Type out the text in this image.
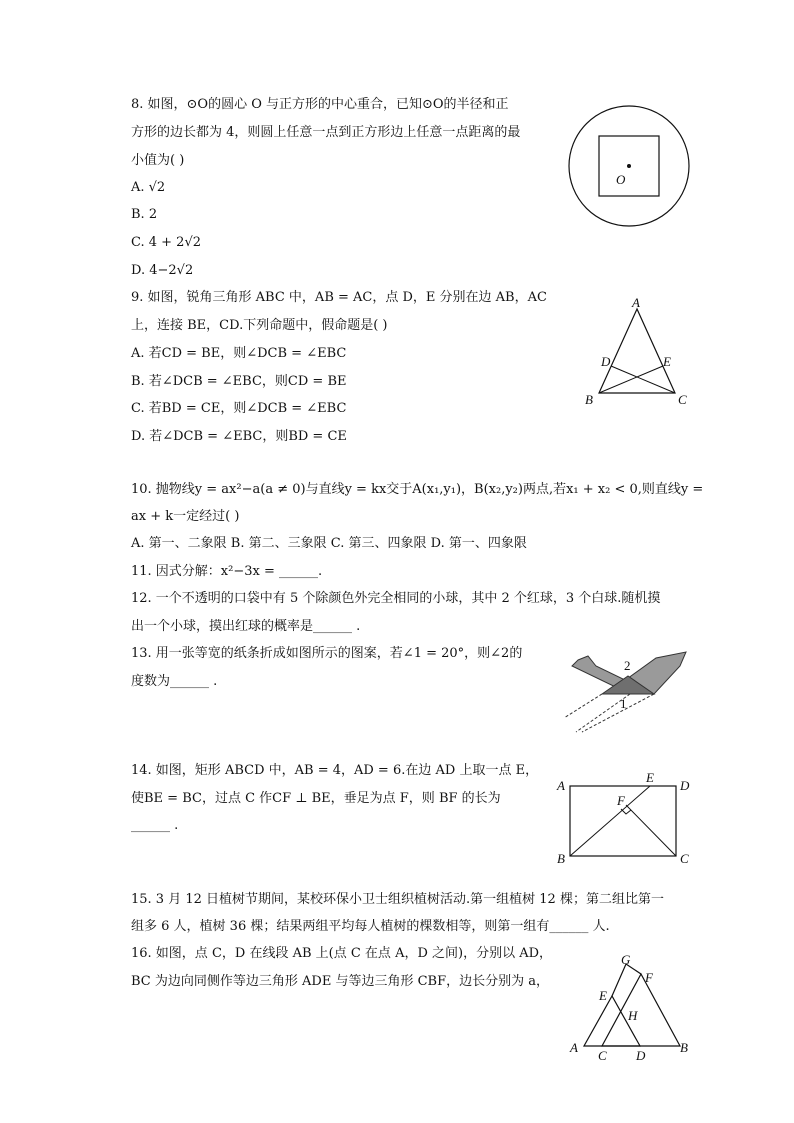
8. 如图，⊙O的圆心 O 与正方形的中心重合，已知⊙O的半径和正
方形的边长都为 4，则圆上任意一点到正方形边上任意一点距离的最
小值为( )
A. √2
B. 2
C. 4 + 2√2
D. 4−2√2
O
9. 如图，锐角三角形 ABC 中，AB = AC，点 D，E 分别在边 AB，AC
上，连接 BE，CD.下列命题中，假命题是( )
A. 若CD = BE，则∠DCB = ∠EBC
B. 若∠DCB = ∠EBC，则CD = BE
C. 若BD = CE，则∠DCB = ∠EBC
D. 若∠DCB = ∠EBC，则BD = CE
A
D	E
B	C
10. 抛物线y = ax²−a(a ≠ 0)与直线y = kx交于A(x₁,y₁)，B(x₂,y₂)两点,若x₁ + x₂ < 0,则直线y =
ax + k一定经过( )
A. 第一、二象限 B. 第二、三象限 C. 第三、四象限 D. 第一、四象限
11. 因式分解：x²−3x = ______.
12. 一个不透明的口袋中有 5 个除颜色外完全相同的小球，其中 2 个红球，3 个白球.随机摸
出一个小球，摸出红球的概率是______ .
13. 用一张等宽的纸条折成如图所示的图案，若∠1 = 20°，则∠2的
度数为______ .
2
1
14. 如图，矩形 ABCD 中，AB = 4，AD = 6.在边 AD 上取一点 E，
使BE = BC，过点 C 作CF ⊥ BE，垂足为点 F，则 BF 的长为
______ .
A
E
D
F
B	C
15. 3 月 12 日植树节期间，某校环保小卫士组织植树活动.第一组植树 12 棵；第二组比第一
组多 6 人，植树 36 棵；结果两组平均每人植树的棵数相等，则第一组有______ 人.
16. 如图，点 C，D 在线段 AB 上(点 C 在点 A，D 之间)，分别以 AD，
BC 为边向同侧作等边三角形 ADE 与等边三角形 CBF，边长分别为 a，
G
F
E
H
A
C D
B
